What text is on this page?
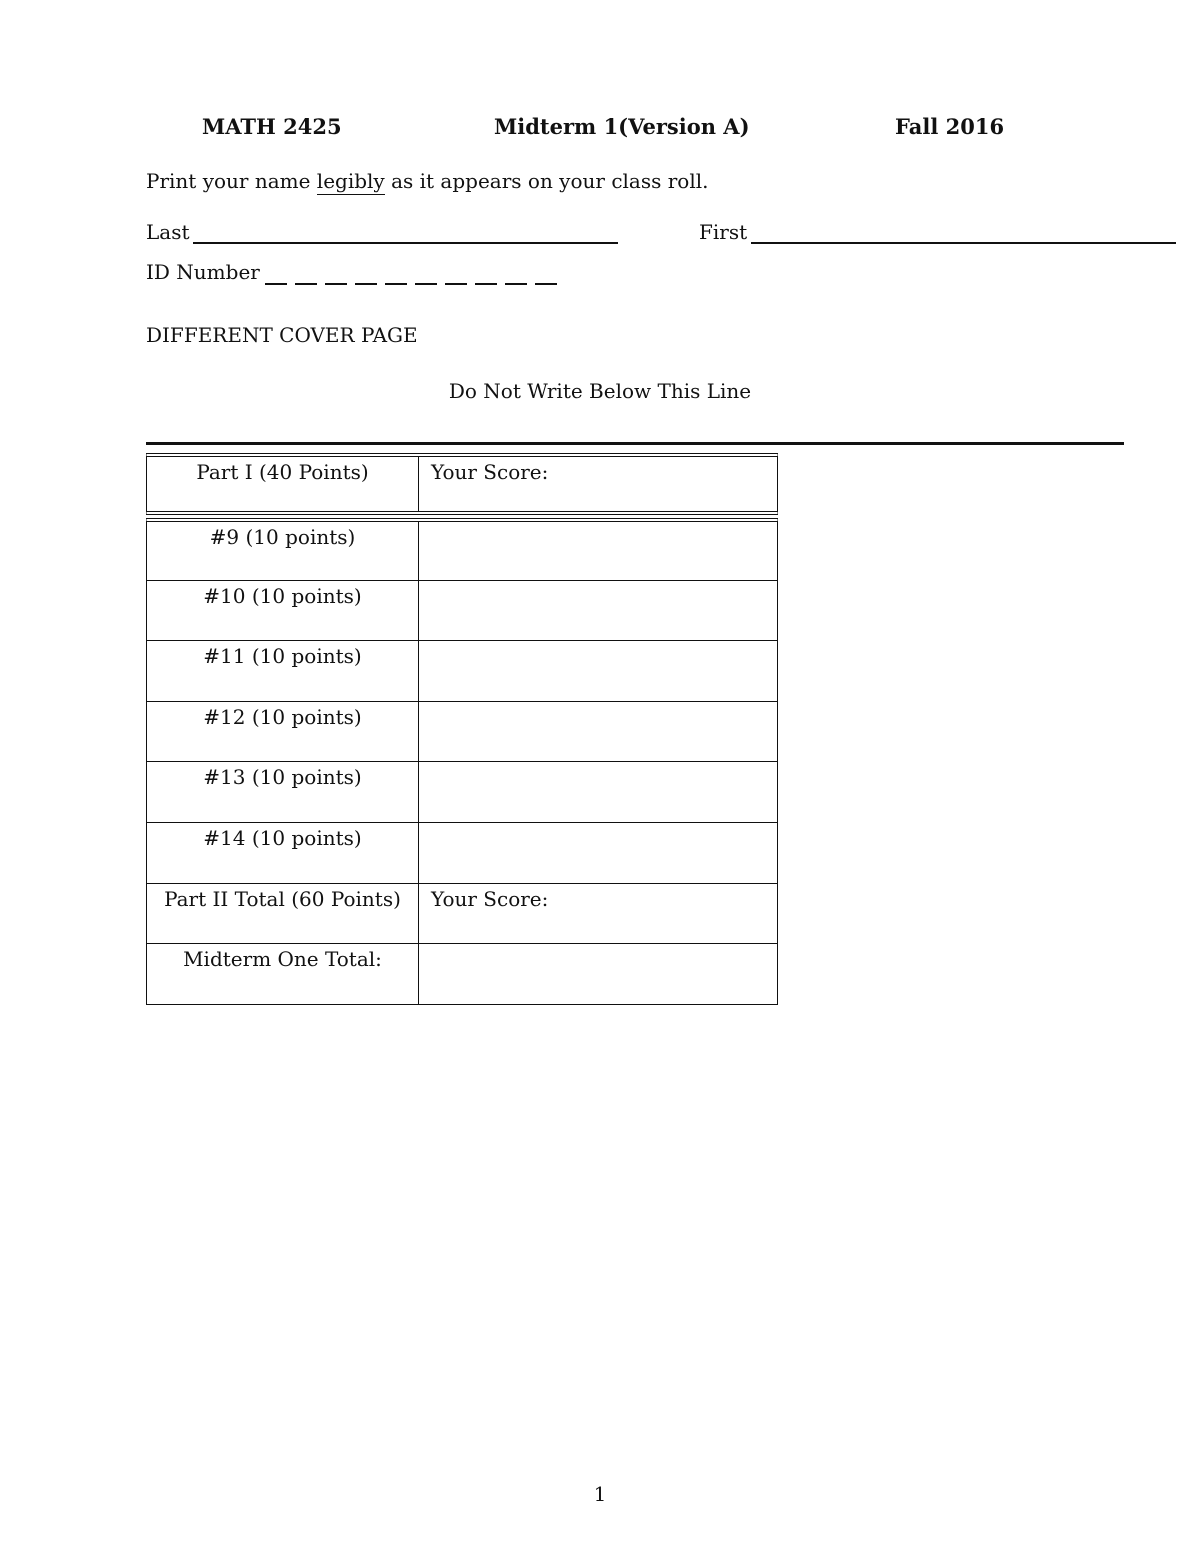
MATH 2425	Midterm 1(Version A)	Fall 2016
Print your name legibly as it appears on your class roll.
Last	First
ID Number
DIFFERENT COVER PAGE
Do Not Write Below This Line
Part I (40 Points)	Your Score:
#9 (10 points)
#10 (10 points)
#11 (10 points)
#12 (10 points)
#13 (10 points)
#14 (10 points)
Part II Total (60 Points)	Your Score:
Midterm One Total:
1
